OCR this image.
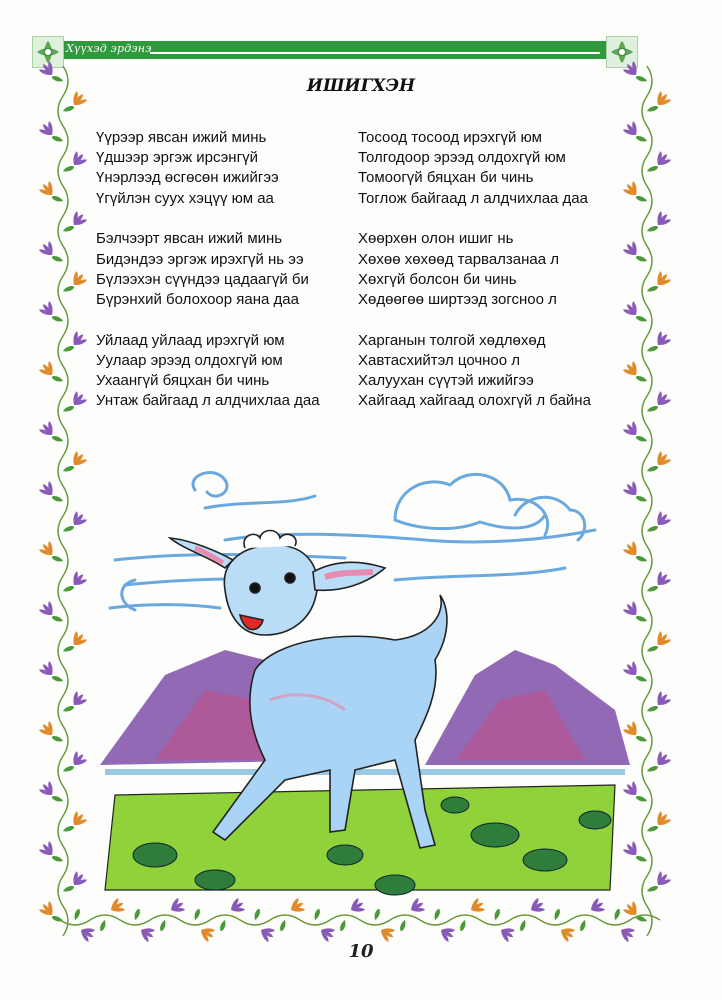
Хүүхэд эрдэнэ
ИШИГХЭН
Үүрээр явсан ижий минь
Үдшээр эргэж ирсэнгүй
Үнэрлээд өсгөсөн ижийгээ
Үгүйлэн суух хэцүү юм аа
Бэлчээрт явсан ижий минь
Бидэндээ эргэж ирэхгүй нь ээ
Бүлээхэн сүүндээ цадаагүй би
Бүрэнхий болохоор яана даа
Уйлаад уйлаад ирэхгүй юм
Уулаар эрээд олдохгүй юм
Ухаангүй бяцхан би чинь
Унтаж байгаад л алдчихлаа даа
Тосоод тосоод ирэхгүй юм
Толгодоор эрээд олдохгүй юм
Томоогүй бяцхан би чинь
Тоглож байгаад л алдчихлаа даа
Хөөрхөн олон ишиг нь
Хөхөө хөхөөд тарвалзанаа л
Хөхгүй болсон би чинь
Хөдөөгөө ширтээд зогсноо л
Харганын толгой хөдлөхөд
Хавтасхийтэл цочноо л
Халуухан сүүтэй ижийгээ
Хайгаад хайгаад олохгүй л байна
10
